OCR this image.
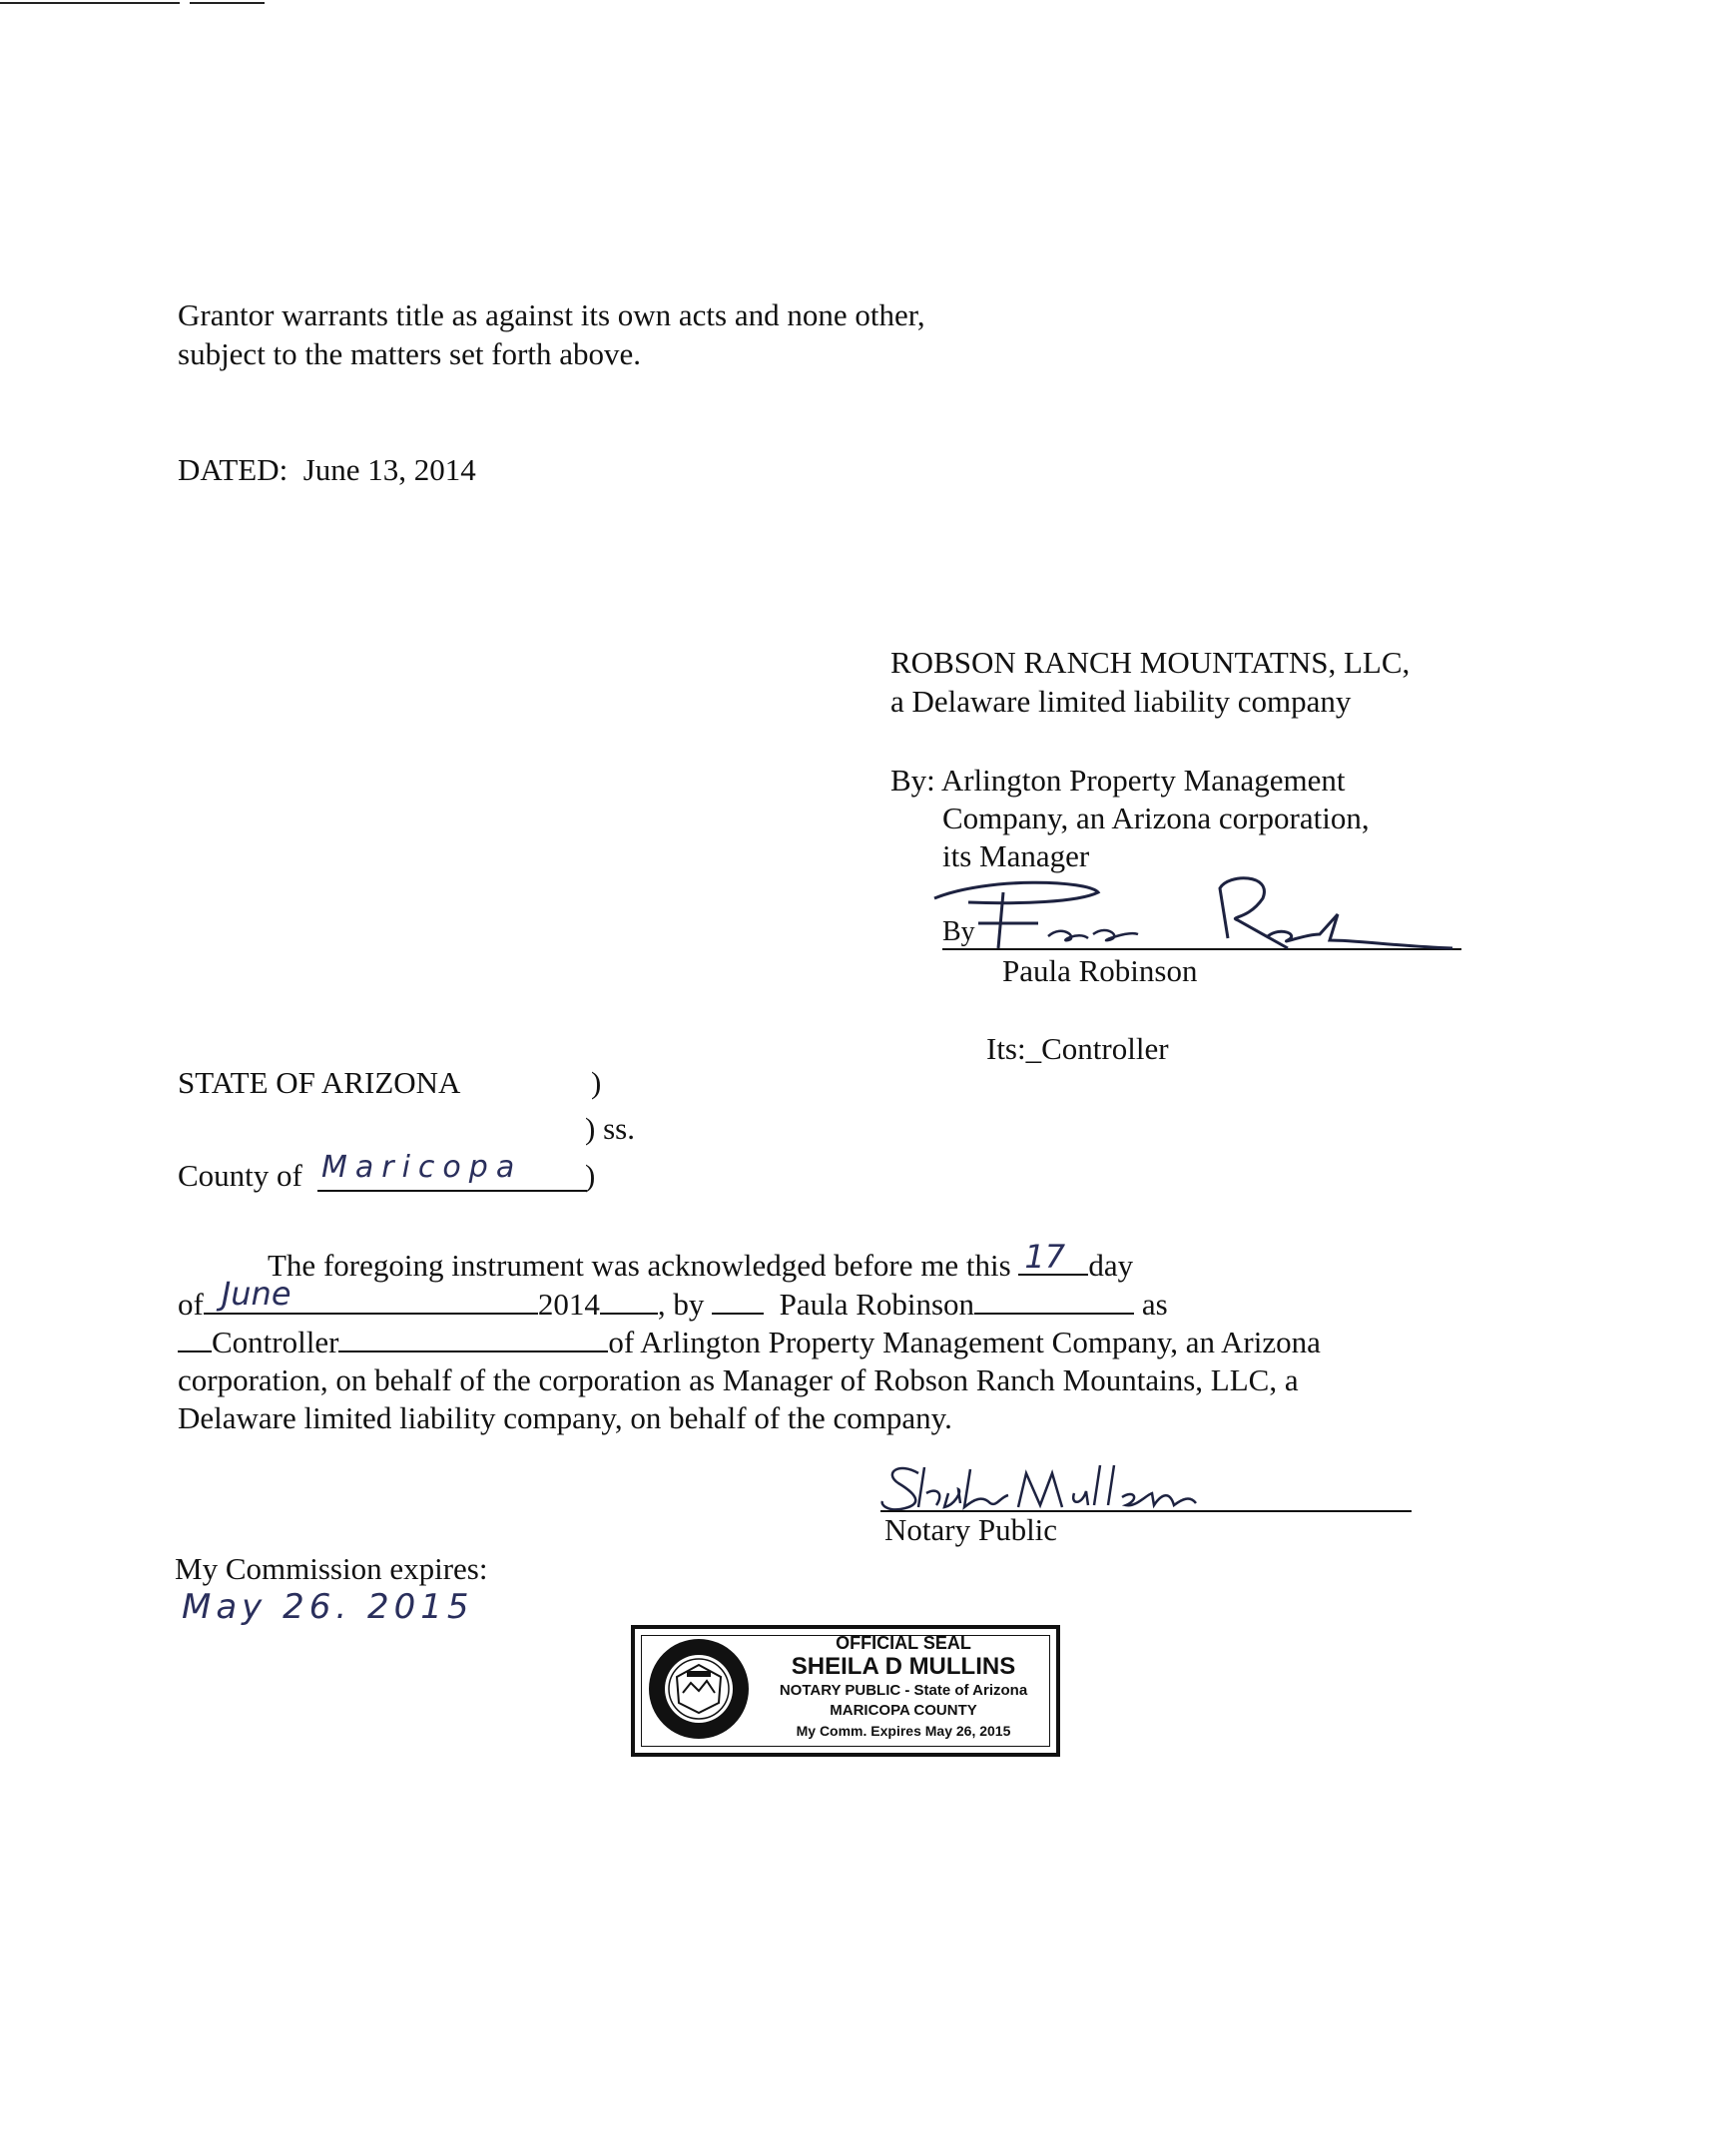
Grantor warrants title as against its own acts and none other,
subject to the matters set forth above.
DATED: June 13, 2014
ROBSON RANCH MOUNTATNS, LLC,
a Delaware limited liability company
By: Arlington Property Management
Company, an Arizona corporation,
its Manager
By
Paula Robinson
Its:_Controller
STATE OF ARIZONA	)
) ss.
County of Maricopa )
The foregoing instrument was acknowledged before me this 17 day
of June	2014 , by Paula Robinson	as
Controller	of Arlington Property Management Company, an Arizona
corporation, on behalf of the corporation as Manager of Robson Ranch Mountains, LLC, a
Delaware limited liability company, on behalf of the company.
Notary Public
My Commission expires:
May 26. 2015
OFFICIAL SEAL
SHEILA D MULLINS
NOTARY PUBLIC - State of Arizona
MARICOPA COUNTY
My Comm. Expires May 26, 2015
